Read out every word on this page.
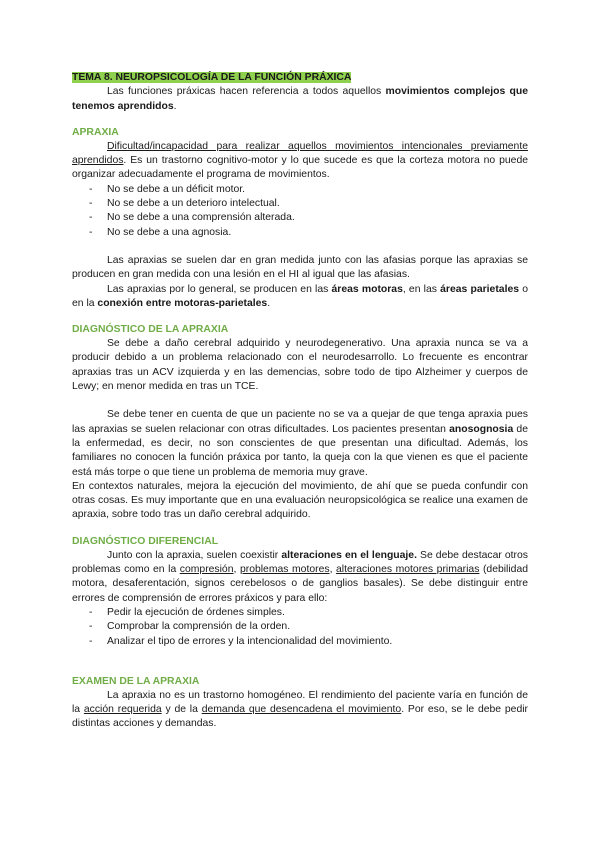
TEMA 8. NEUROPSICOLOGÍA DE LA FUNCIÓN PRÁXICA

Las funciones práxicas hacen referencia a todos aquellos movimientos complejos que tenemos aprendidos.

APRAXIA

Dificultad/incapacidad para realizar aquellos movimientos intencionales previamente aprendidos. Es un trastorno cognitivo-motor y lo que sucede es que la corteza motora no puede organizar adecuadamente el programa de movimientos.

- No se debe a un déficit motor.
- No se debe a un deterioro intelectual.
- No se debe a una comprensión alterada.
- No se debe a una agnosia.

Las apraxias se suelen dar en gran medida junto con las afasias porque las apraxias se producen en gran medida con una lesión en el HI al igual que las afasias.

Las apraxias por lo general, se producen en las áreas motoras, en las áreas parietales o en la conexión entre motoras-parietales.

DIAGNÓSTICO DE LA APRAXIA

Se debe a daño cerebral adquirido y neurodegenerativo. Una apraxia nunca se va a producir debido a un problema relacionado con el neurodesarrollo. Lo frecuente es encontrar apraxias tras un ACV izquierda y en las demencias, sobre todo de tipo Alzheimer y cuerpos de Lewy; en menor medida en tras un TCE.

Se debe tener en cuenta de que un paciente no se va a quejar de que tenga apraxia pues las apraxias se suelen relacionar con otras dificultades. Los pacientes presentan anosognosia de la enfermedad, es decir, no son conscientes de que presentan una dificultad. Además, los familiares no conocen la función práxica por tanto, la queja con la que vienen es que el paciente está más torpe o que tiene un problema de memoria muy grave.

En contextos naturales, mejora la ejecución del movimiento, de ahí que se pueda confundir con otras cosas. Es muy importante que en una evaluación neuropsicológica se realice una examen de apraxia, sobre todo tras un daño cerebral adquirido.

DIAGNÓSTICO DIFERENCIAL

Junto con la apraxia, suelen coexistir alteraciones en el lenguaje. Se debe destacar otros problemas como en la compresión, problemas motores, alteraciones motores primarias (debilidad motora, desaferentación, signos cerebelosos o de ganglios basales). Se debe distinguir entre errores de comprensión de errores práxicos y para ello:

- Pedir la ejecución de órdenes simples.
- Comprobar la comprensión de la orden.
- Analizar el tipo de errores y la intencionalidad del movimiento.
EXAMEN DE LA APRAXIA

La apraxia no es un trastorno homogéneo. El rendimiento del paciente varía en función de la acción requerida y de la demanda que desencadena el movimiento. Por eso, se le debe pedir distintas acciones y demandas.
